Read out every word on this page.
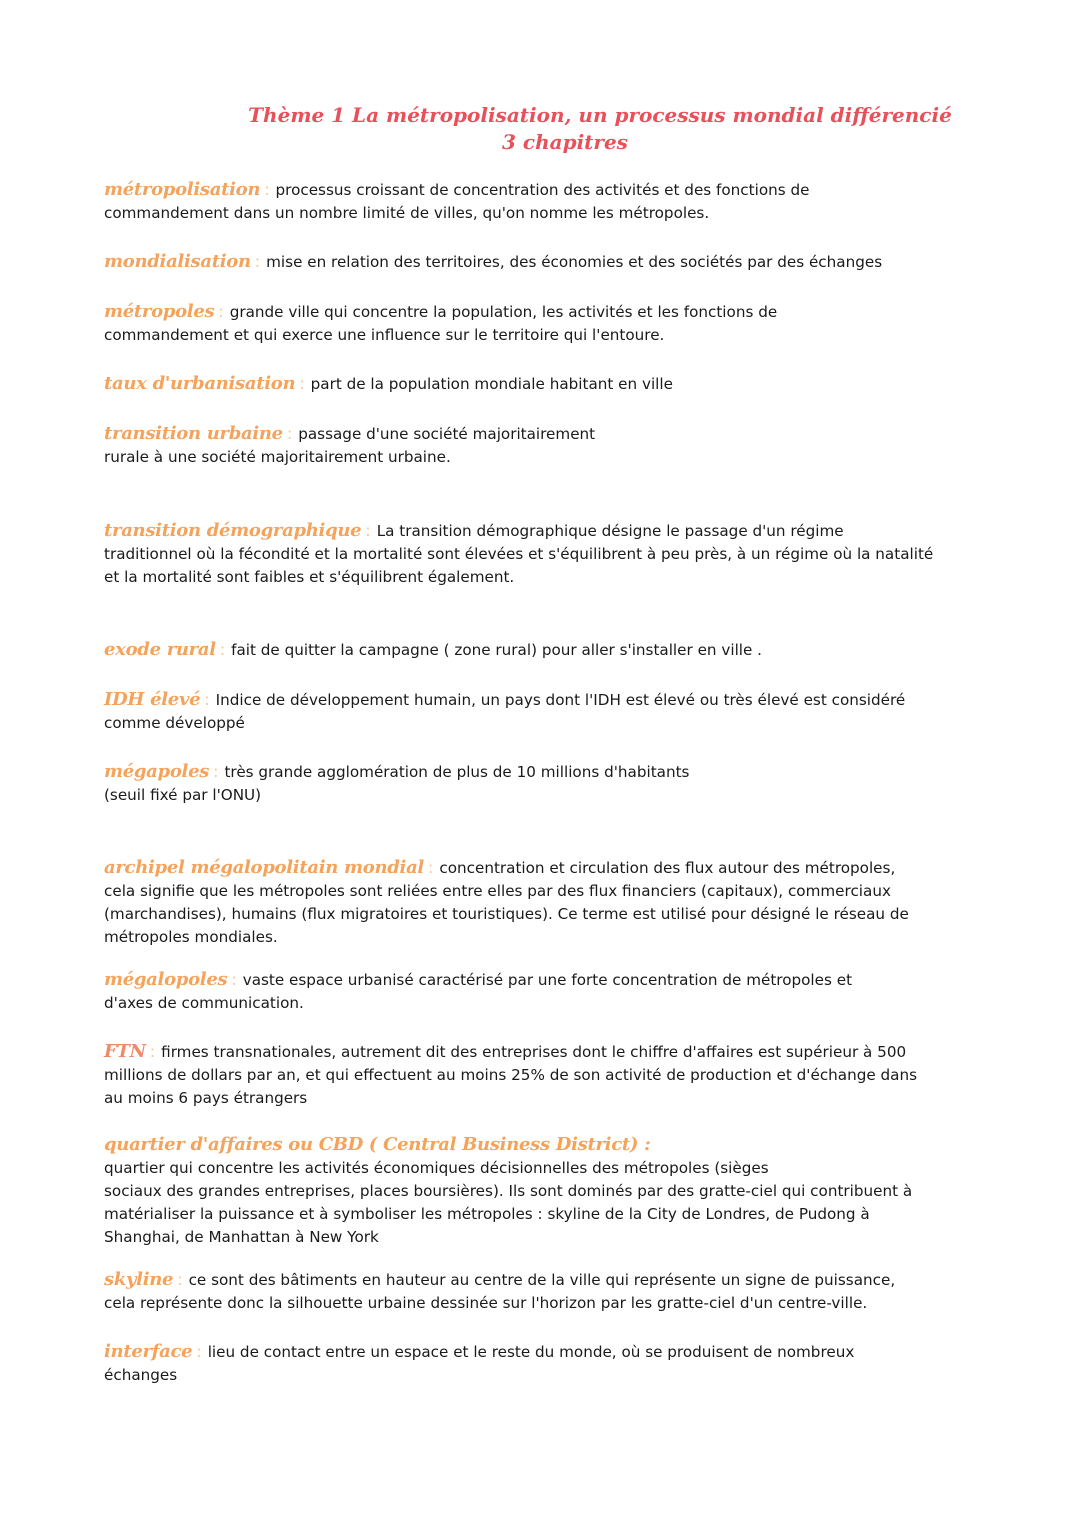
Thème 1 La métropolisation, un processus mondial différencié
3 chapitres
métropolisation : processus croissant de concentration des activités et des fonctions de
commandement dans un nombre limité de villes, qu'on nomme les métropoles.
mondialisation : mise en relation des territoires, des économies et des sociétés par des échanges
métropoles : grande ville qui concentre la population, les activités et les fonctions de
commandement et qui exerce une influence sur le territoire qui l'entoure.
taux d'urbanisation : part de la population mondiale habitant en ville
transition urbaine : passage d'une société majoritairement
rurale à une société majoritairement urbaine.
transition démographique : La transition démographique désigne le passage d'un régime
traditionnel où la fécondité et la mortalité sont élevées et s'équilibrent à peu près, à un régime où la natalité
et la mortalité sont faibles et s'équilibrent également.
exode rural : fait de quitter la campagne ( zone rural) pour aller s'installer en ville .
IDH élevé : Indice de développement humain, un pays dont l'IDH est élevé ou très élevé est considéré
comme développé
mégapoles : très grande agglomération de plus de 10 millions d'habitants
(seuil fixé par l'ONU)
archipel mégalopolitain mondial : concentration et circulation des flux autour des métropoles,
cela signifie que les métropoles sont reliées entre elles par des flux financiers (capitaux), commerciaux
(marchandises), humains (flux migratoires et touristiques). Ce terme est utilisé pour désigné le réseau de
métropoles mondiales.
mégalopoles : vaste espace urbanisé caractérisé par une forte concentration de métropoles et
d'axes de communication.
FTN : firmes transnationales, autrement dit des entreprises dont le chiffre d'affaires est supérieur à 500
millions de dollars par an, et qui effectuent au moins 25% de son activité de production et d'échange dans
au moins 6 pays étrangers
quartier d'affaires ou CBD ( Central Business District) :
quartier qui concentre les activités économiques décisionnelles des métropoles (sièges
sociaux des grandes entreprises, places boursières). Ils sont dominés par des gratte-ciel qui contribuent à
matérialiser la puissance et à symboliser les métropoles : skyline de la City de Londres, de Pudong à
Shanghai, de Manhattan à New York
skyline : ce sont des bâtiments en hauteur au centre de la ville qui représente un signe de puissance,
cela représente donc la silhouette urbaine dessinée sur l'horizon par les gratte-ciel d'un centre-ville.
interface : lieu de contact entre un espace et le reste du monde, où se produisent de nombreux
échanges
